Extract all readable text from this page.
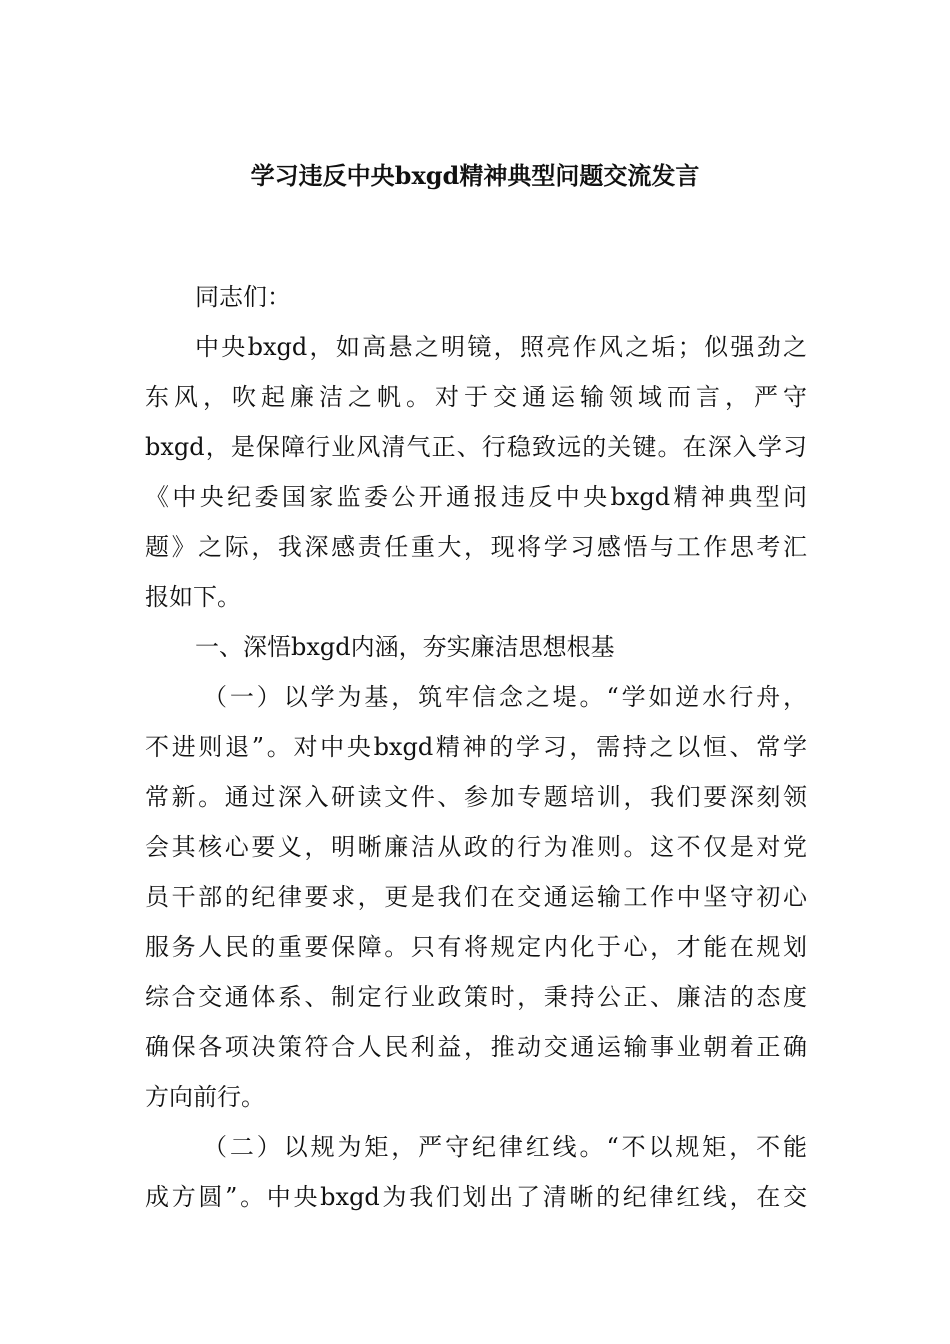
学习违反中央bxgd精神典型问题交流发言
同志们：
中央bxgd，如高悬之明镜，照亮作风之垢；似强劲之
东风，吹起廉洁之帆。对于交通运输领域而言，严守
bxgd，是保障行业风清气正、行稳致远的关键。在深入学习
《中央纪委国家监委公开通报违反中央bxgd精神典型问
题》之际，我深感责任重大，现将学习感悟与工作思考汇
报如下。
一、深悟bxgd内涵，夯实廉洁思想根基
（一）以学为基，筑牢信念之堤。“学如逆水行舟，
不进则退”。对中央bxgd精神的学习，需持之以恒、常学
常新。通过深入研读文件、参加专题培训，我们要深刻领
会其核心要义，明晰廉洁从政的行为准则。这不仅是对党
员干部的纪律要求，更是我们在交通运输工作中坚守初心
服务人民的重要保障。只有将规定内化于心，才能在规划
综合交通体系、制定行业政策时，秉持公正、廉洁的态度
确保各项决策符合人民利益，推动交通运输事业朝着正确
方向前行。
（二）以规为矩，严守纪律红线。“不以规矩，不能
成方圆”。中央bxgd为我们划出了清晰的纪律红线，在交
